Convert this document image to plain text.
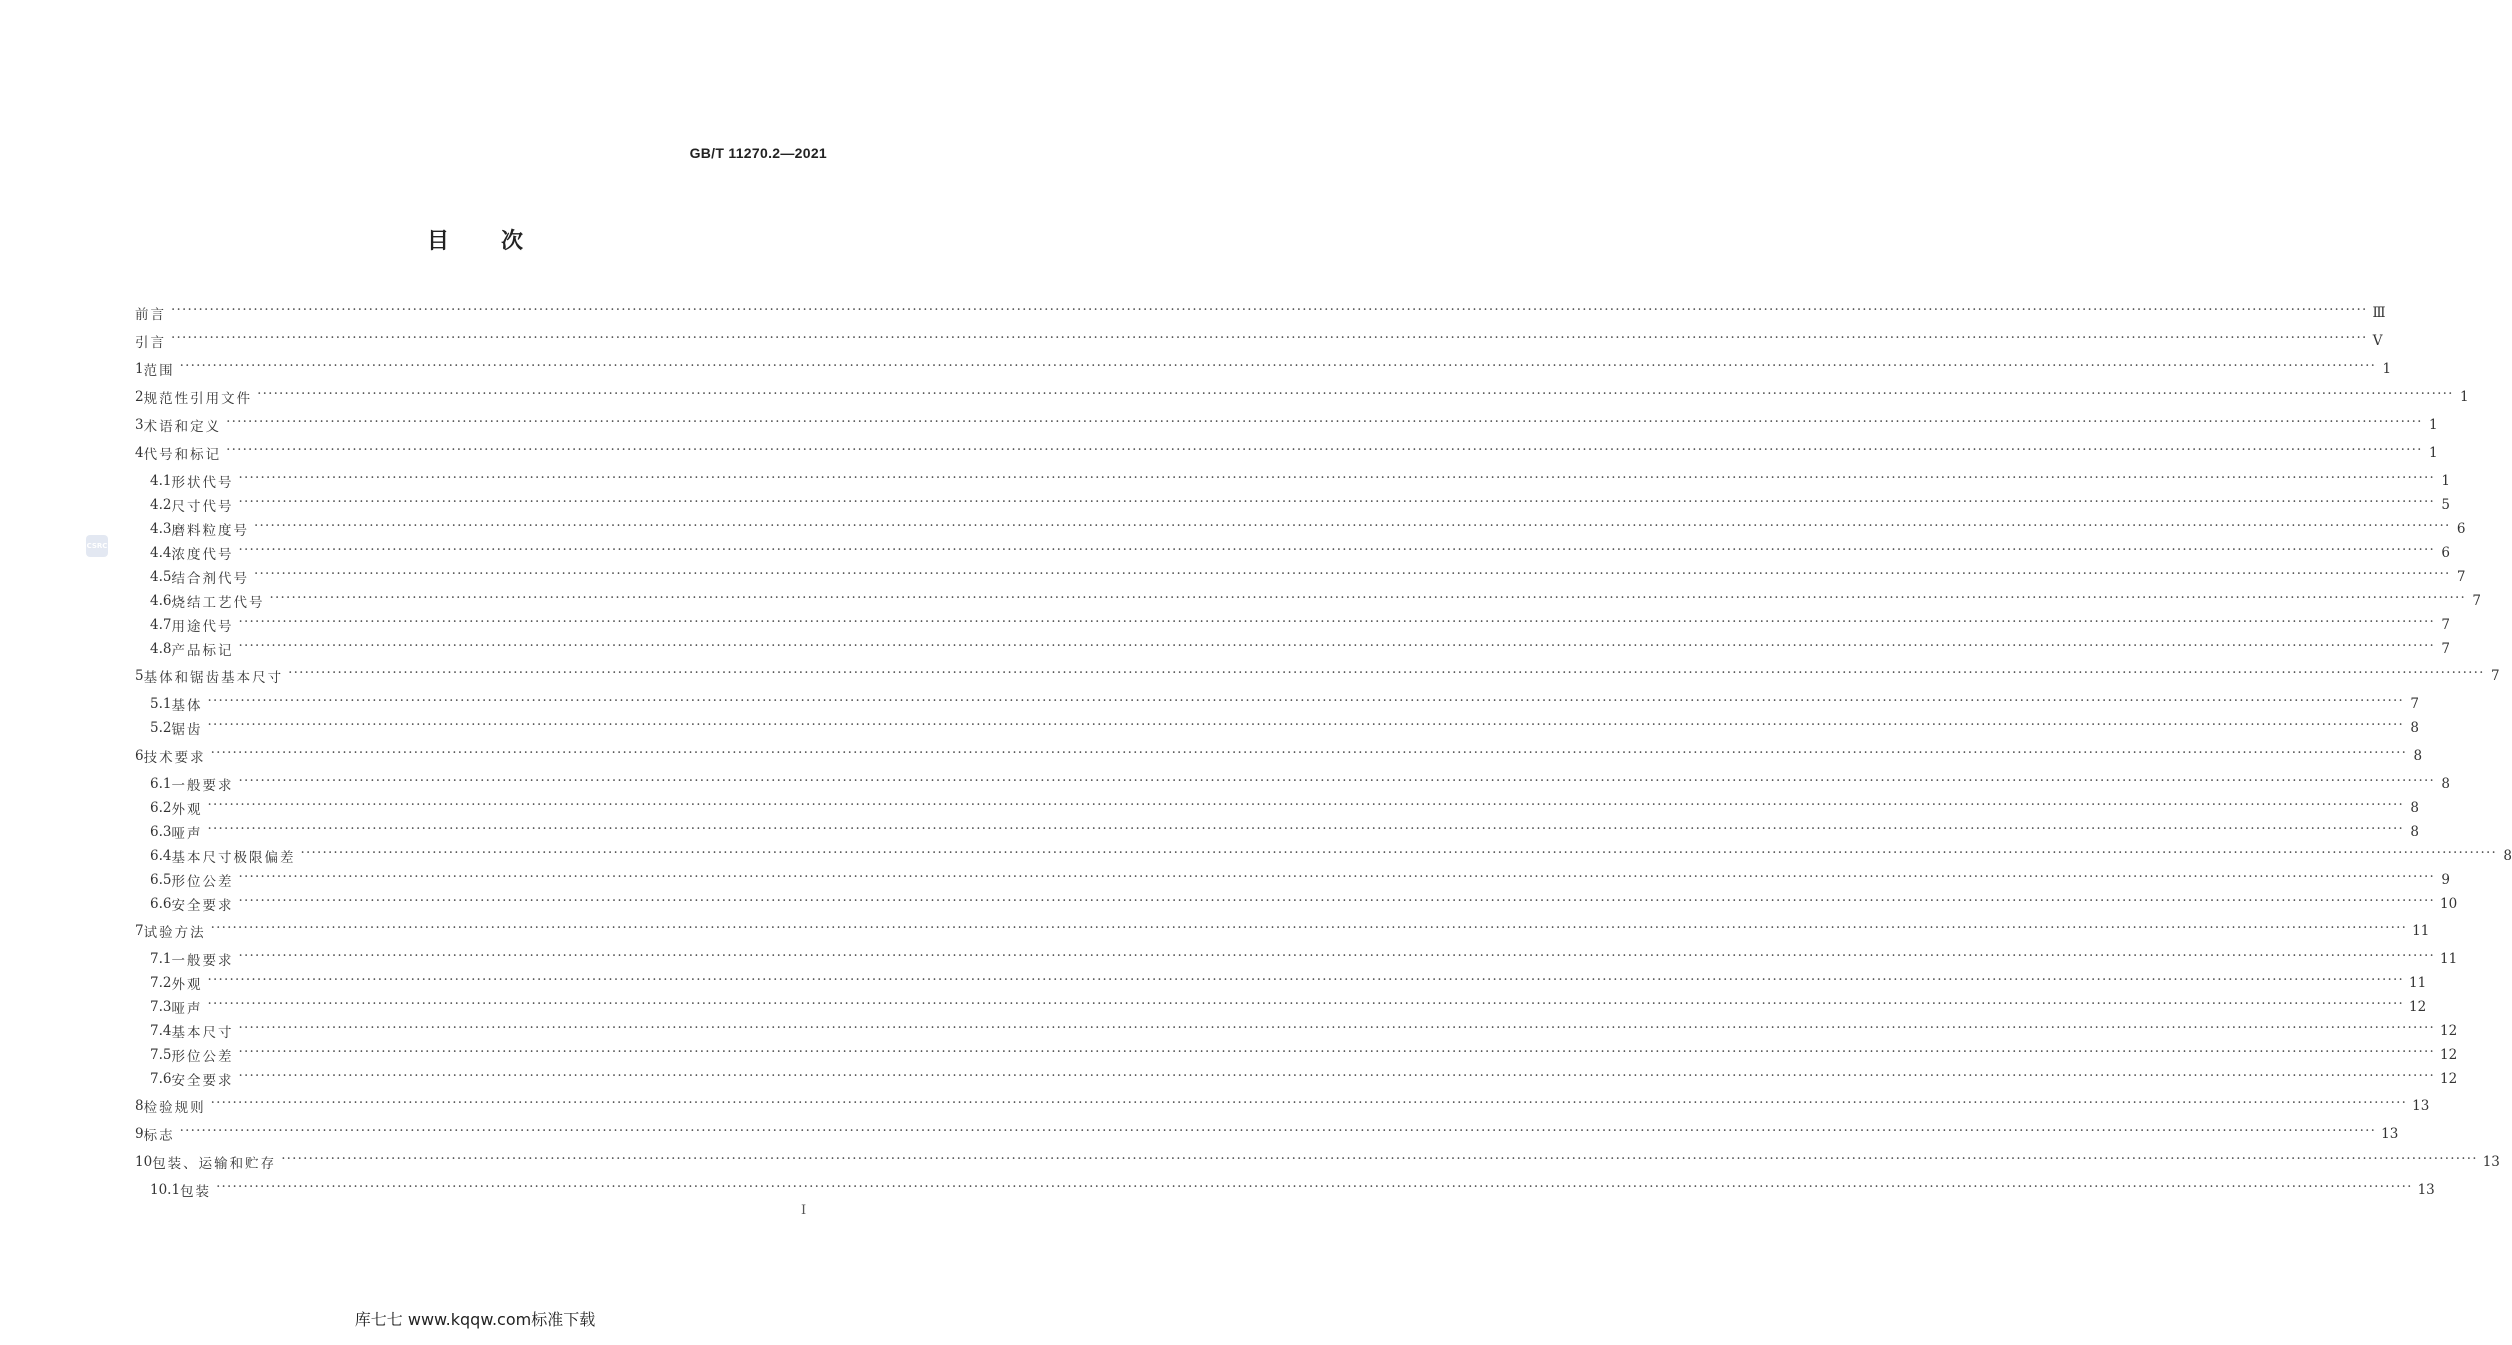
GB/T 11270.2—2021
目 次
CSRC
前言 ················································································································································································································································································································································································································ Ⅲ
引言 ················································································································································································································································································································································································································ Ⅴ
1 范围 ················································································································································································································································································································································································································ 1
2 规范性引用文件 ················································································································································································································································································································································································································ 1
3 术语和定义 ················································································································································································································································································································································································································ 1
4 代号和标记 ················································································································································································································································································································································································································ 1
4.1 形状代号 ················································································································································································································································································································································································································ 1
4.2 尺寸代号 ················································································································································································································································································································································································································ 5
4.3 磨料粒度号 ················································································································································································································································································································································································································ 6
4.4 浓度代号 ················································································································································································································································································································································································································ 6
4.5 结合剂代号 ················································································································································································································································································································································································································ 7
4.6 烧结工艺代号 ················································································································································································································································································································································································································ 7
4.7 用途代号 ················································································································································································································································································································································································································ 7
4.8 产品标记 ················································································································································································································································································································································································································ 7
5 基体和锯齿基本尺寸 ················································································································································································································································································································································································································ 7
5.1 基体 ················································································································································································································································································································································································································ 7
5.2 锯齿 ················································································································································································································································································································································································································ 8
6 技术要求 ················································································································································································································································································································································································································ 8
6.1 一般要求 ················································································································································································································································································································································································································ 8
6.2 外观 ················································································································································································································································································································································································································ 8
6.3 哑声 ················································································································································································································································································································································································································ 8
6.4 基本尺寸极限偏差 ················································································································································································································································································································································································································ 8
6.5 形位公差 ················································································································································································································································································································································································································ 9
6.6 安全要求 ················································································································································································································································································································································································································ 10
7 试验方法 ················································································································································································································································································································································································································ 11
7.1 一般要求 ················································································································································································································································································································································································································ 11
7.2 外观 ················································································································································································································································································································································································································ 11
7.3 哑声 ················································································································································································································································································································································································································ 12
7.4 基本尺寸 ················································································································································································································································································································································································································ 12
7.5 形位公差 ················································································································································································································································································································································································································ 12
7.6 安全要求 ················································································································································································································································································································································································································ 12
8 检验规则 ················································································································································································································································································································································································································ 13
9 标志 ················································································································································································································································································································································································································ 13
10 包装、运输和贮存 ················································································································································································································································································································································································································ 13
10.1 包装 ················································································································································································································································································································································································································ 13
I
库七七 www.kqqw.com标准下载
